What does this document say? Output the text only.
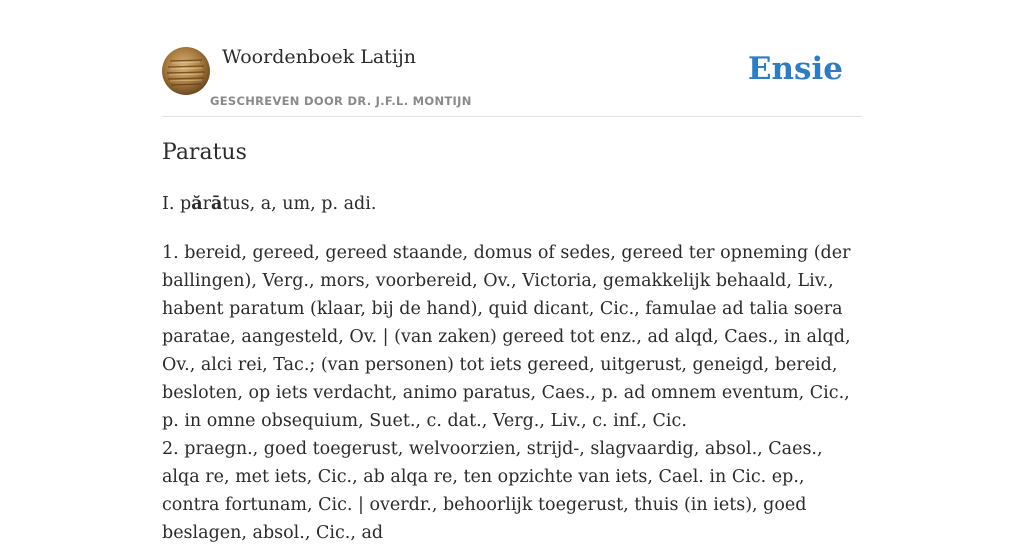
Woordenboek Latijn
GESCHREVEN DOOR DR. J.F.L. MONTIJN
Ensie
Paratus

I. părātus, a, um, p. adi.

1. bereid, gereed, gereed staande, domus of sedes, gereed ter opneming (der ballingen), Verg., mors, voorbereid, Ov., Victoria, gemakkelijk behaald, Liv., habent paratum (klaar, bij de hand), quid dicant, Cic., famulae ad talia soera paratae, aangesteld, Ov. | (van zaken) gereed tot enz., ad alqd, Caes., in alqd, Ov., alci rei, Tac.; (van personen) tot iets gereed, uitgerust, geneigd, bereid, besloten, op iets verdacht, animo paratus, Caes., p. ad omnem eventum, Cic., p. in omne obsequium, Suet., c. dat., Verg., Liv., c. inf., Cic.

2. praegn., goed toegerust, welvoorzien, strijd-, slagvaardig, absol., Caes., alqa re, met iets, Cic., ab alqa re, ten opzichte van iets, Cael. in Cic. ep., contra fortunam, Cic. | overdr., behoorlijk toegerust, thuis (in iets), goed beslagen, absol., Cic., ad
